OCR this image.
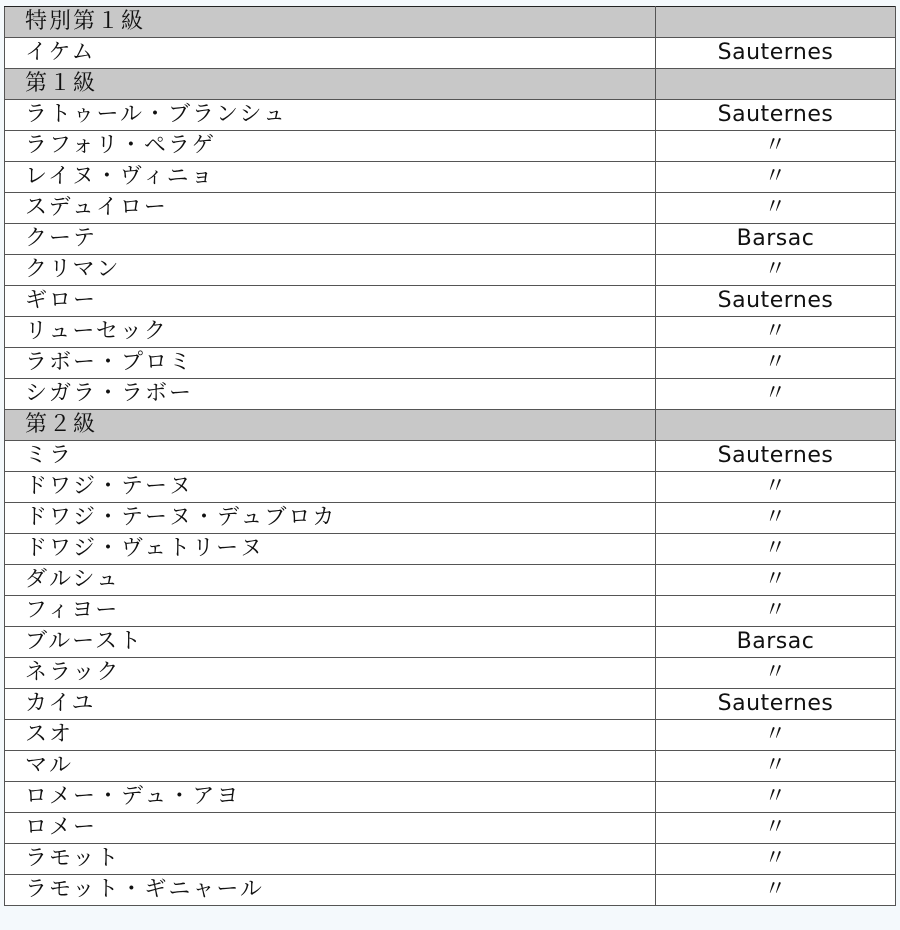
特別第１級	
イケム	Sauternes
第１級	
ラトゥール・ブランシュ	Sauternes
ラフォリ・ペラゲ	〃
レイヌ・ヴィニョ	〃
スデュイロー	〃
クーテ	Barsac
クリマン	〃
ギロー	Sauternes
リューセック	〃
ラボー・プロミ	〃
シガラ・ラボー	〃
第２級	
ミラ	Sauternes
ドワジ・テーヌ	〃
ドワジ・テーヌ・デュブロカ	〃
ドワジ・ヴェトリーヌ	〃
ダルシュ	〃
フィヨー	〃
ブルースト	Barsac
ネラック	〃
カイユ	Sauternes
スオ	〃
マル	〃
ロメー・デュ・アヨ	〃
ロメー	〃
ラモット	〃
ラモット・ギニャール	〃
